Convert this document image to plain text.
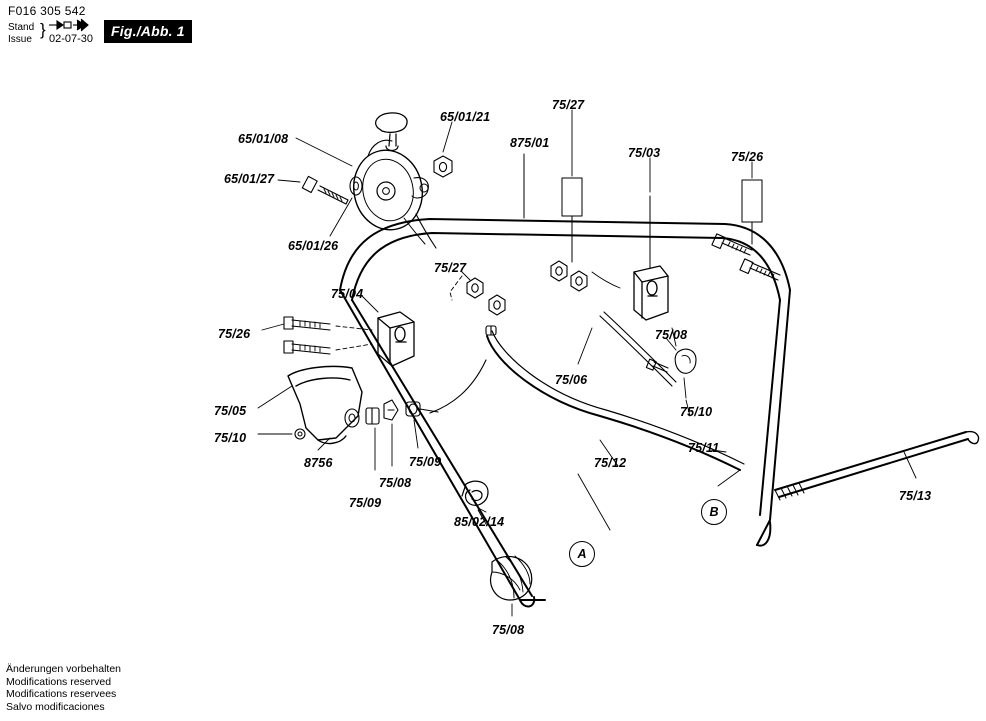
F016 305 542
Stand
Issue
} 02-07-30	Fig./Abb. 1
65/01/08
65/01/21
65/01/27
65/01/26
75/27
875/01
75/03	75/26
75/27
75/04
75/26	75/08
75/06
75/10
75/05
75/10
75/11
8756	75/09
75/08
75/12
75/09	75/13
85/02/14
75/08
A
B
Änderungen vorbehalten
Modifications reserved
Modifications reservees
Salvo modificaciones
